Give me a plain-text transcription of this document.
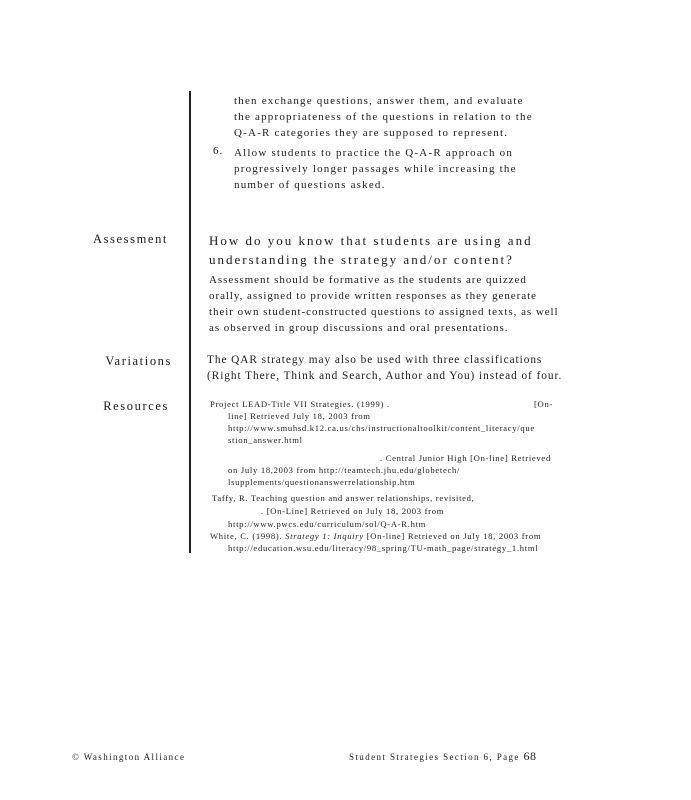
then exchange questions, answer them, and evaluate
the appropriateness of the questions in relation to the
Q-A-R categories they are supposed to represent.
6. Allow students to practice the Q-A-R approach on
progressively longer passages while increasing the
number of questions asked.
Assessment	How do you know that students are using and
understanding the strategy and/or content?
Assessment should be formative as the students are quizzed
orally, assigned to provide written responses as they generate
their own student-constructed questions to assigned texts, as well
as observed in group discussions and oral presentations.
Variations	The QAR strategy may also be used with three classifications
(Right There, Think and Search, Author and You) instead of four.
Resources	Project LEAD-Title VII Strategies. (1999) .	[On-
line] Retrieved July 18, 2003 from
http://www.smuhsd.k12.ca.us/chs/instructionaltoolkit/content_literacy/que
stion_answer.html
. Central Junior High [On-line] Retrieved
on July 18,2003 from http://teamtech.jhu.edu/globetech/
lsupplements/questionanswerrelationship.htm
Taffy, R. Teaching question and answer relationships, revisited,
. [On-Line] Retrieved on July 18, 2003 from
http://www.pwcs.edu/curriculum/sol/Q-A-R.htm
White, C. (1998). Strategy 1: Inquiry [On-line] Retrieved on July 18, 2003 from
http://education.wsu.edu/literacy/98_spring/TU-math_page/strategy_1.html
© Washington Alliance	Student Strategies Section 6, Page 68
